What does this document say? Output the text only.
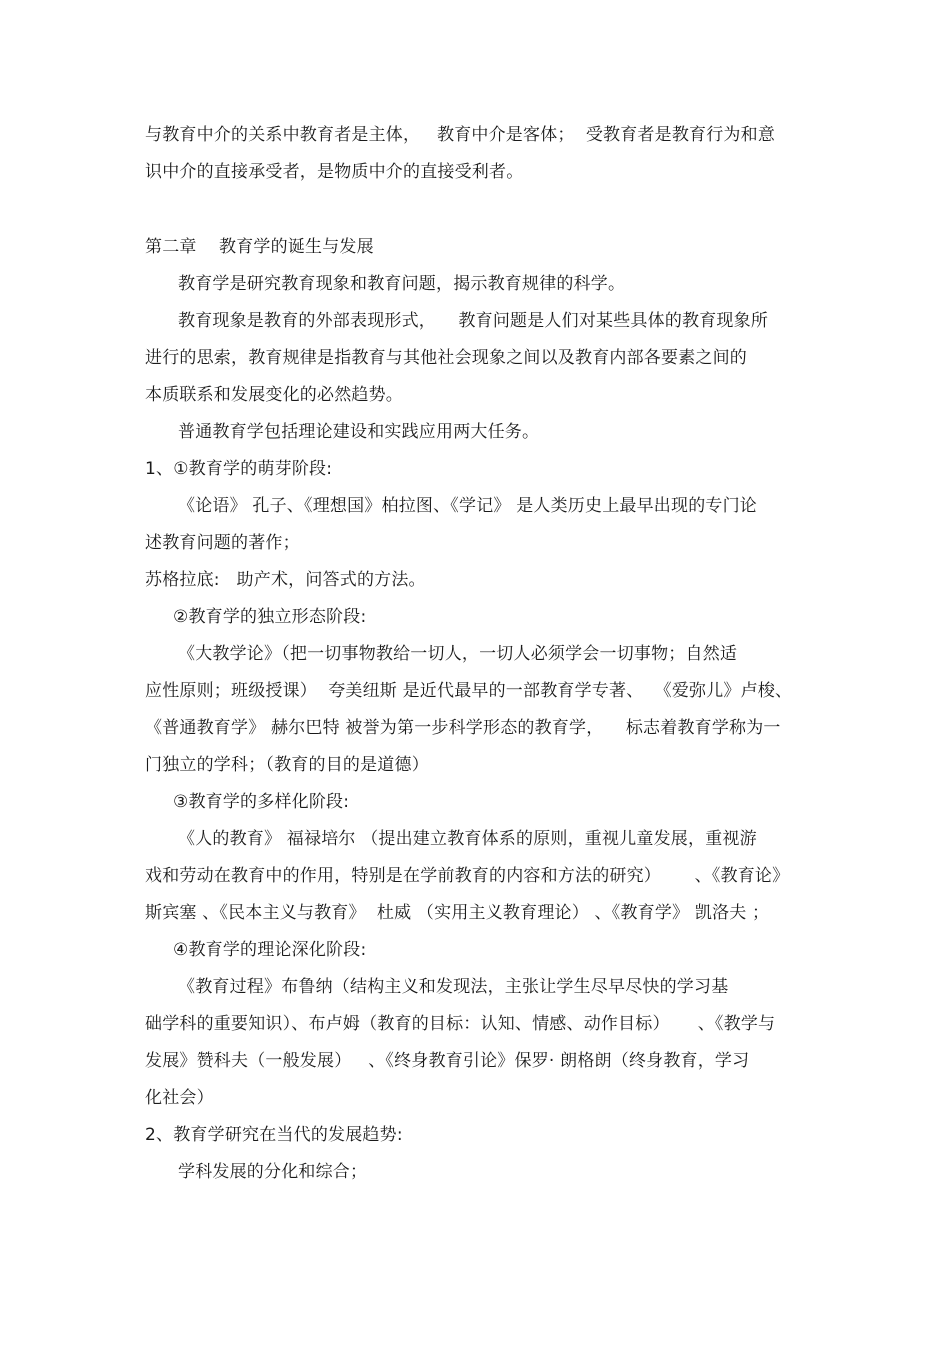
与教育中介的关系中教育者是主体，   教育中介是客体；  受教育者是教育行为和意
识中介的直接承受者，是物质中介的直接受利者。
第二章    教育学的诞生与发展
教育学是研究教育现象和教育问题，揭示教育规律的科学。
教育现象是教育的外部表现形式，    教育问题是人们对某些具体的教育现象所
进行的思索，教育规律是指教育与其他社会现象之间以及教育内部各要素之间的
本质联系和发展变化的必然趋势。
普通教育学包括理论建设和实践应用两大任务。
1、①教育学的萌芽阶段:
《论语》 孔子、《理想国》柏拉图、《学记》 是人类历史上最早出现的专门论
述教育问题的著作；
苏格拉底:   助产术，问答式的方法。
②教育学的独立形态阶段:
《大教学论》（把一切事物教给一切人，一切人必须学会一切事物；自然适
应性原则；班级授课）  夸美纽斯 是近代最早的一部教育学专著、  《爱弥儿》卢梭、
《普通教育学》 赫尔巴特 被誉为第一步科学形态的教育学，    标志着教育学称为一
门独立的学科；（教育的目的是道德）
③教育学的多样化阶段:
《人的教育》 福禄培尔 （提出建立教育体系的原则，重视儿童发展，重视游
戏和劳动在教育中的作用，特别是在学前教育的内容和方法的研究）      、《教育论》
斯宾塞 、《民本主义与教育》  杜威 （实用主义教育理论） 、《教育学》 凯洛夫 ；
④教育学的理论深化阶段:
《教育过程》布鲁纳（结构主义和发现法，主张让学生尽早尽快的学习基
础学科的重要知识）、布卢姆（教育的目标：认知、情感、动作目标）     、《教学与
发展》赞科夫（一般发展）   、《终身教育引论》保罗· 朗格朗（终身教育，学习
化社会）
2、教育学研究在当代的发展趋势:
学科发展的分化和综合；
